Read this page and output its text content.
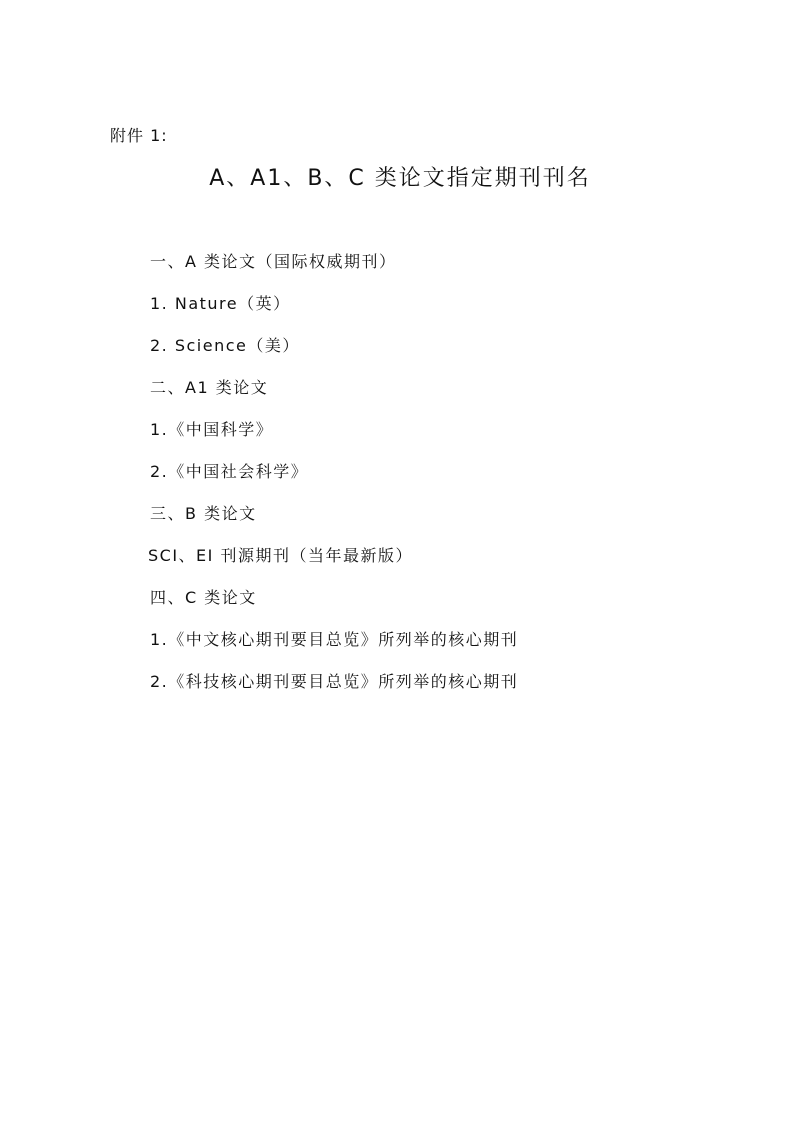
附件 1:
A、A1、B、C 类论文指定期刊刊名
一、A 类论文（国际权威期刊）
1. Nature（英）
2. Science（美）
二、A1 类论文
1.《中国科学》
2.《中国社会科学》
三、B 类论文
SCI、EI 刊源期刊（当年最新版）
四、C 类论文
1.《中文核心期刊要目总览》所列举的核心期刊
2.《科技核心期刊要目总览》所列举的核心期刊
